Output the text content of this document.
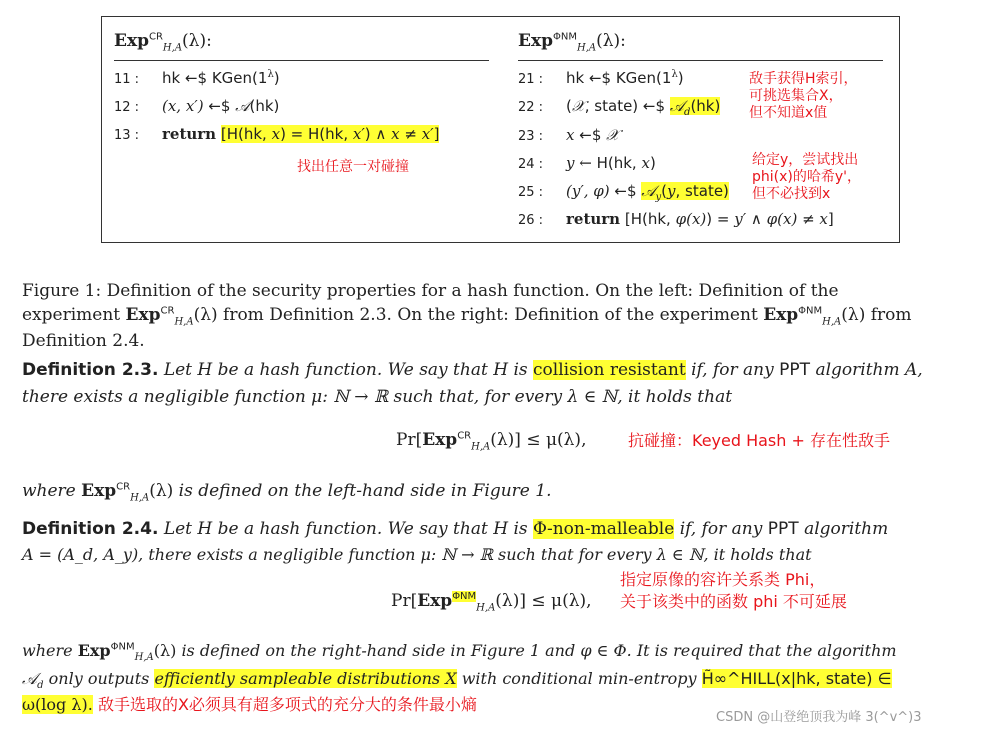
Exp$^{CR}_{H,A}$(λ):
11 : hk ←$ $KGen(1^\lambda)$
12 : (x, x′) ←$ 𝒜(hk)
13 : return [H(hk, x) = H(hk, x′) ∧ x ≠ x′]
找出任意一对碰撞
Exp$^{\Phi NM}_{H,A}$(λ):
21 : hk ←$ $KGen(1^\lambda)$
22 : (𝒳, state) ←$ 𝒜$_d$(hk)
23 : x ←$ 𝒳
24 : y ← H(hk, x)
25 : (y′, φ) ←$ 𝒜$_y$(y, state)
26 : return [H(hk, φ(x)) = y′ ∧ φ(x) ≠ x]
敌手获得H索引，
可挑选集合X，
但不知道x值
给定y，尝试找出
phi(x)的哈希y'，
但不必找到x
Figure 1: Definition of the security properties for a hash function. On the left: Definition of the
experiment Exp$^{CR}_{H,A}$(λ) from Definition 2.3. On the right: Definition of the experiment Exp$^{\Phi NM}_{H,A}$(λ) from
Definition 2.4.
Definition 2.3. Let H be a hash function. We say that H is collision resistant if, for any PPT algorithm A,
there exists a negligible function μ: ℕ → ℝ such that, for every λ ∈ ℕ, it holds that
Pr[Exp$^{CR}_{H,A}$(λ)] ≤ μ(λ),	抗碰撞：Keyed Hash + 存在性敌手
where Exp$^{CR}_{H,A}$(λ) is defined on the left-hand side in Figure 1.
Definition 2.4. Let H be a hash function. We say that H is Φ-non-malleable if, for any PPT algorithm
A = (A_d, A_y), there exists a negligible function μ: ℕ → ℝ such that for every λ ∈ ℕ, it holds that
指定原像的容许关系类 Phi，
Pr[Exp$^{\Phi NM}_{H,A}$(λ)] ≤ μ(λ), 关于该类中的函数 phi 不可延展
where Exp$^{\Phi NM}_{H,A}$(λ) is defined on the right-hand side in Figure 1 and φ ∈ Φ. It is required that the algorithm
𝒜$_d$ only outputs efficiently sampleable distributions X with conditional min-entropy H̃∞^HILL(x|hk, state) ∈
ω(log λ). 敌手选取的X必须具有超多项式的充分大的条件最小熵
CSDN @山登绝顶我为峰 3(^v^)3
